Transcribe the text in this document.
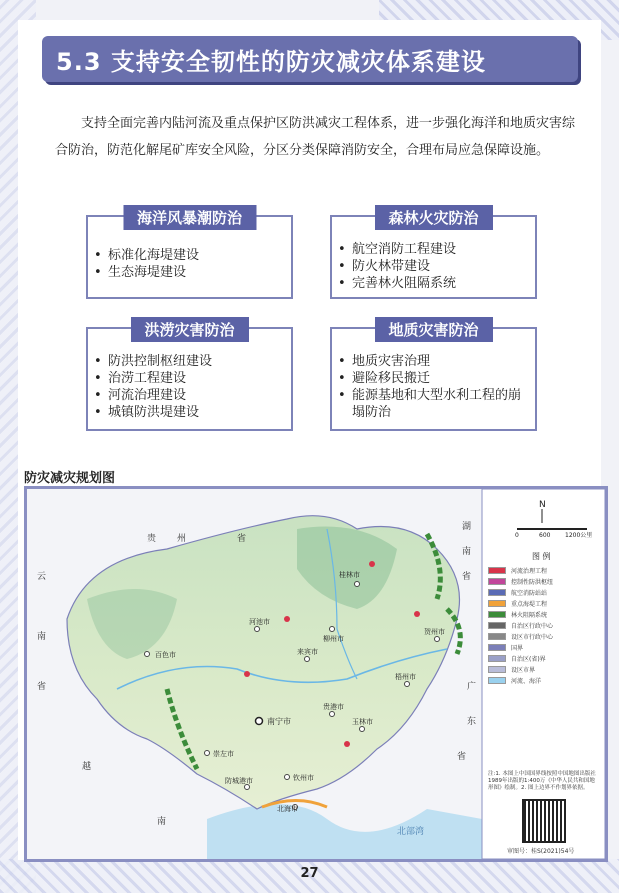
5.3 支持安全韧性的防灾减灾体系建设
支持全面完善内陆河流及重点保护区防洪减灾工程体系，进一步强化海洋和地质灾害综合防治，防范化解尾矿库安全风险，分区分类保障消防安全，合理布局应急保障设施。
海洋风暴潮防治
• 标准化海堤建设
• 生态海堤建设
森林火灾防治
• 航空消防工程建设
• 防火林带建设
• 完善林火阻隔系统
洪涝灾害防治
• 防洪控制枢纽建设
• 治涝工程建设
• 河流治理建设
• 城镇防洪堤建设
地质灾害防治
• 地质灾害治理
• 避险移民搬迁
• 能源基地和大型水利工程的崩塌防治
防灾减灾规划图
贵 州	省
湖
南
省
云
南
省	广
东
省
越
南
桂林市
柳州市
河池市
百色市	来宾市
贺州市
梧州市
贵港市
玉林市
南宁市
崇左市
钦州市
防城港市
北海市
北部湾
N
0	600 1200公里
图 例
河流治理工程
控制性防洪枢纽
航空消防站站
重点海堤工程
林火阻隔系统
自治区行政中心
设区市行政中心
国界
自治区(省)界
设区市界
河流、海洋
注:1. 本图上中国国界线按照中国地图出版社1989年出版的1:400万《中华人民共和国地形图》绘制。2. 图上边界不作划界依据。
审图号：桂S(2021)54号
27
